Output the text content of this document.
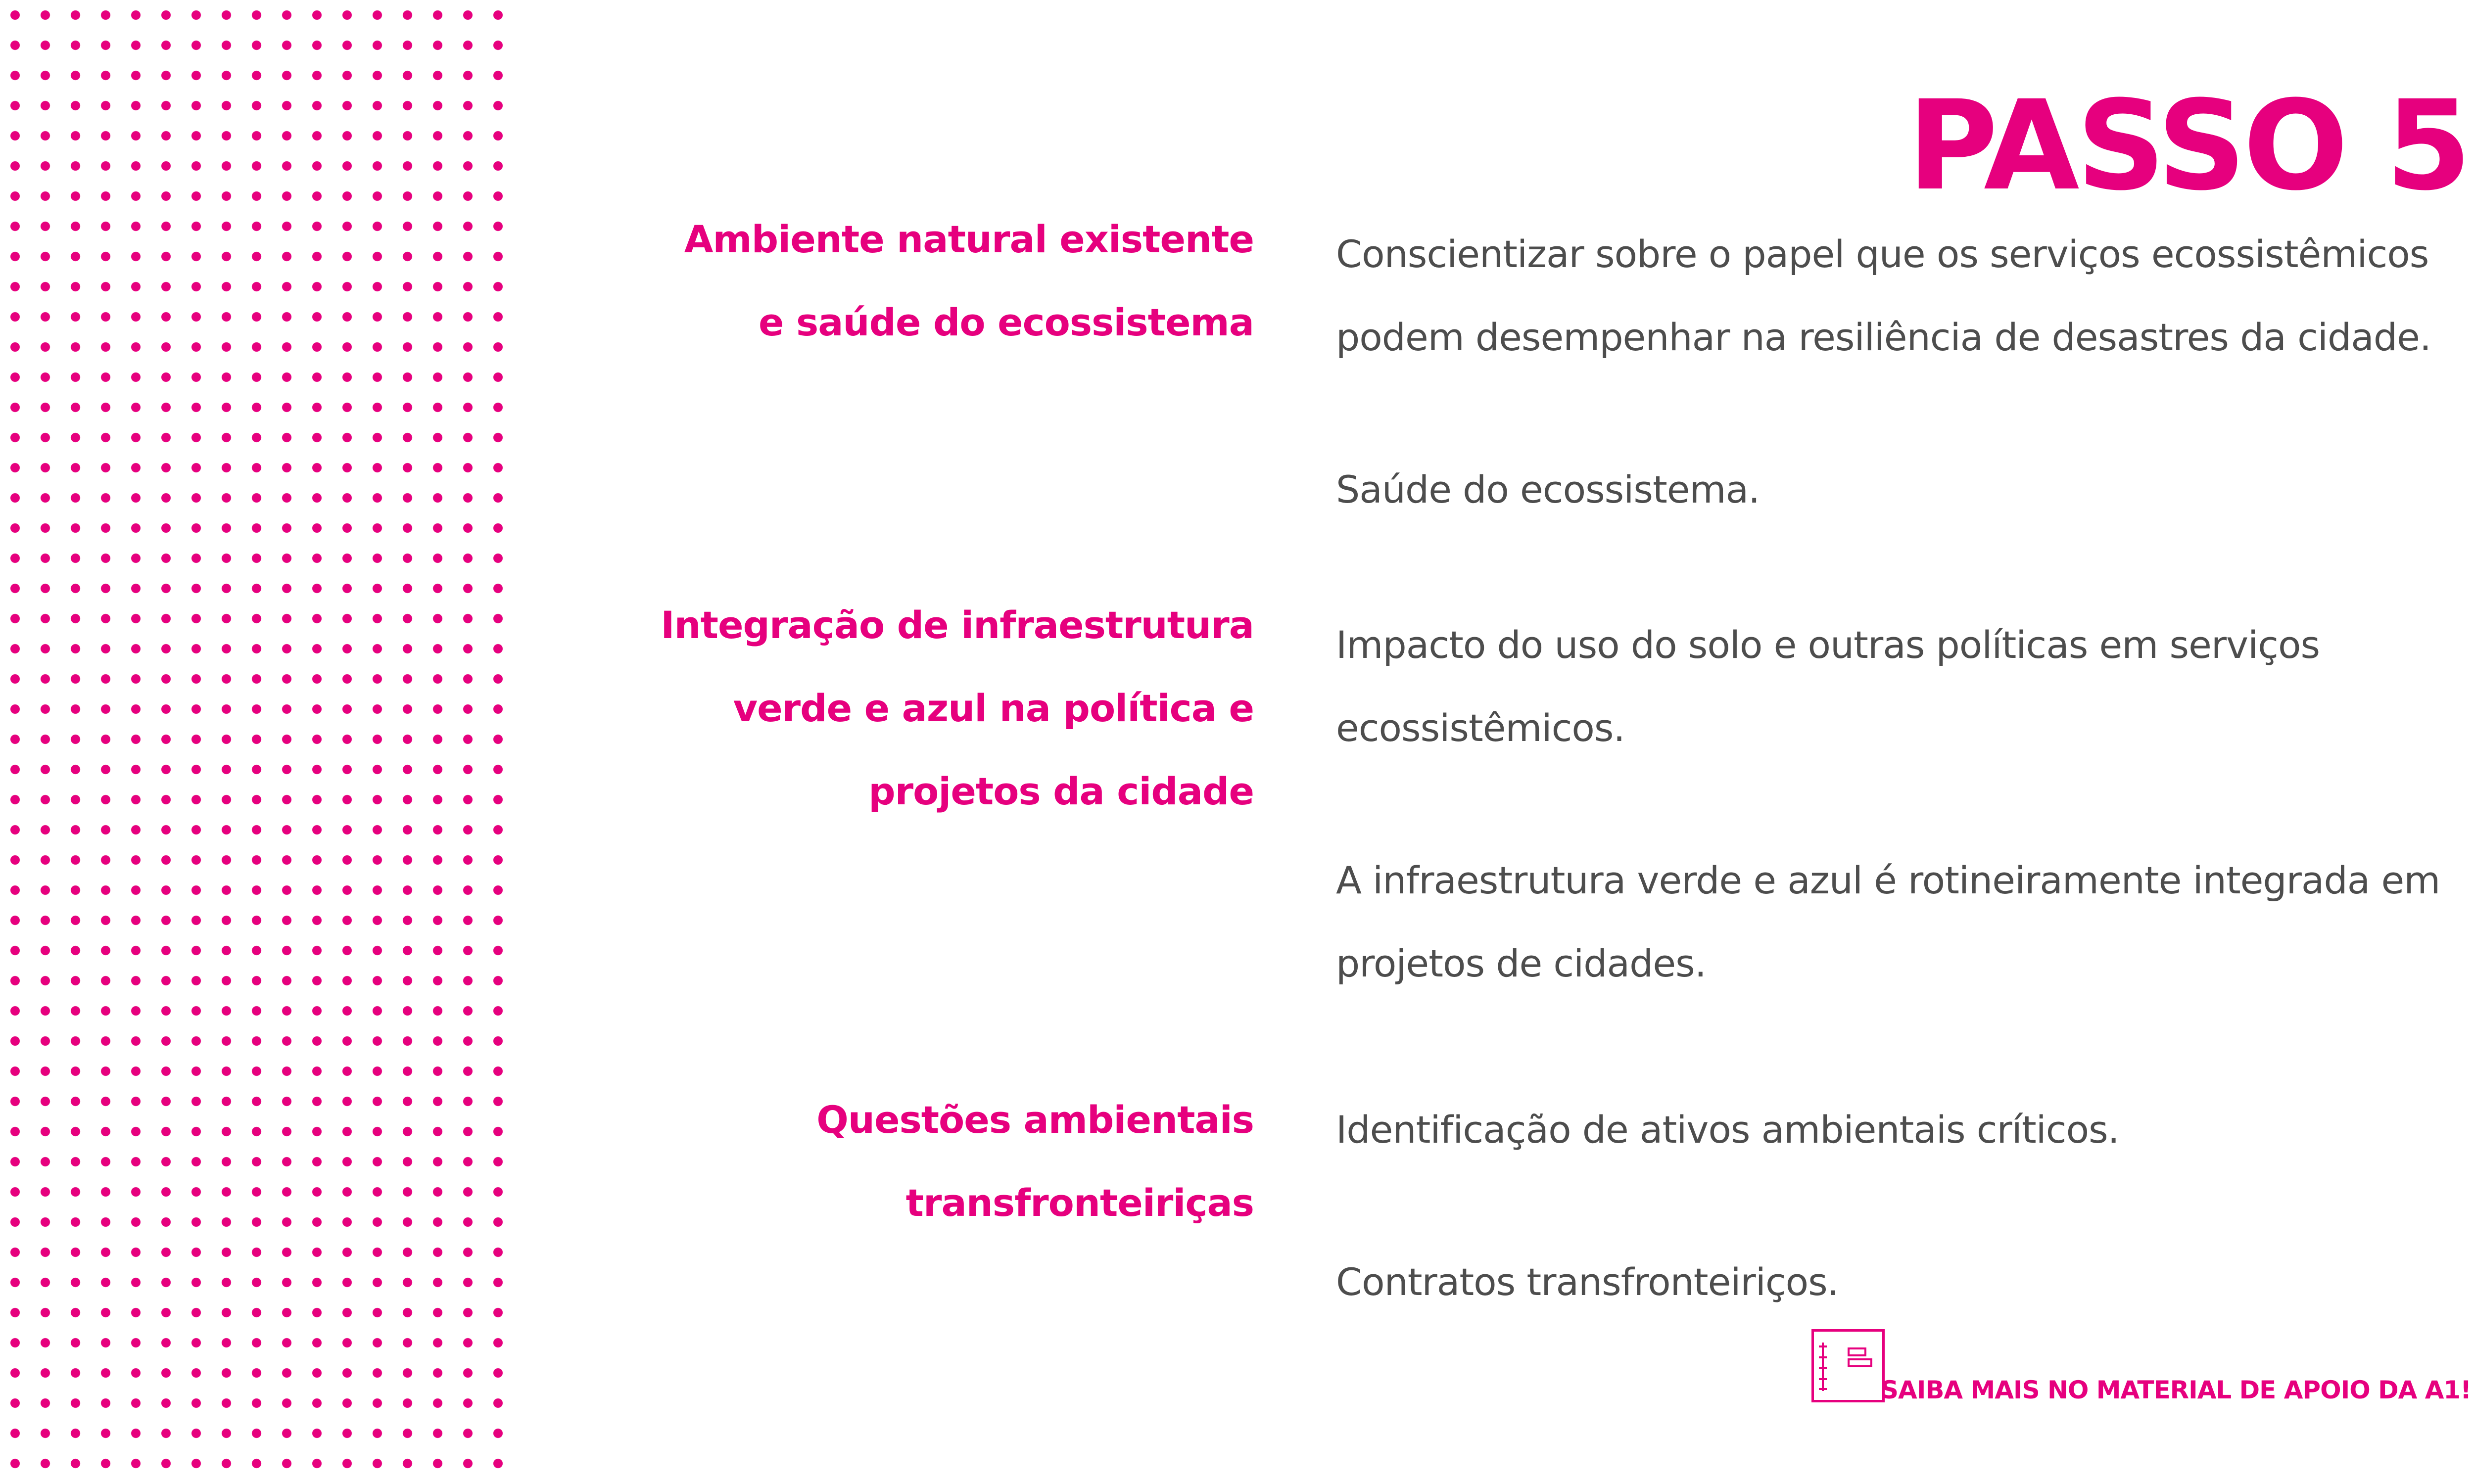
PASSO 5
Ambiente natural existente
e saúde do ecossistema
Conscientizar sobre o papel que os serviços ecossistêmicos
podem desempenhar na resiliência de desastres da cidade.
Saúde do ecossistema.
Integração de infraestrutura
verde e azul na política e
projetos da cidade
Impacto do uso do solo e outras políticas em serviços
ecossistêmicos.
A infraestrutura verde e azul é rotineiramente integrada em
projetos de cidades.
Questões ambientais
transfronteiriças
Identificação de ativos ambientais críticos.
Contratos transfronteiriços.
SAIBA MAIS NO MATERIAL DE APOIO DA A1!
